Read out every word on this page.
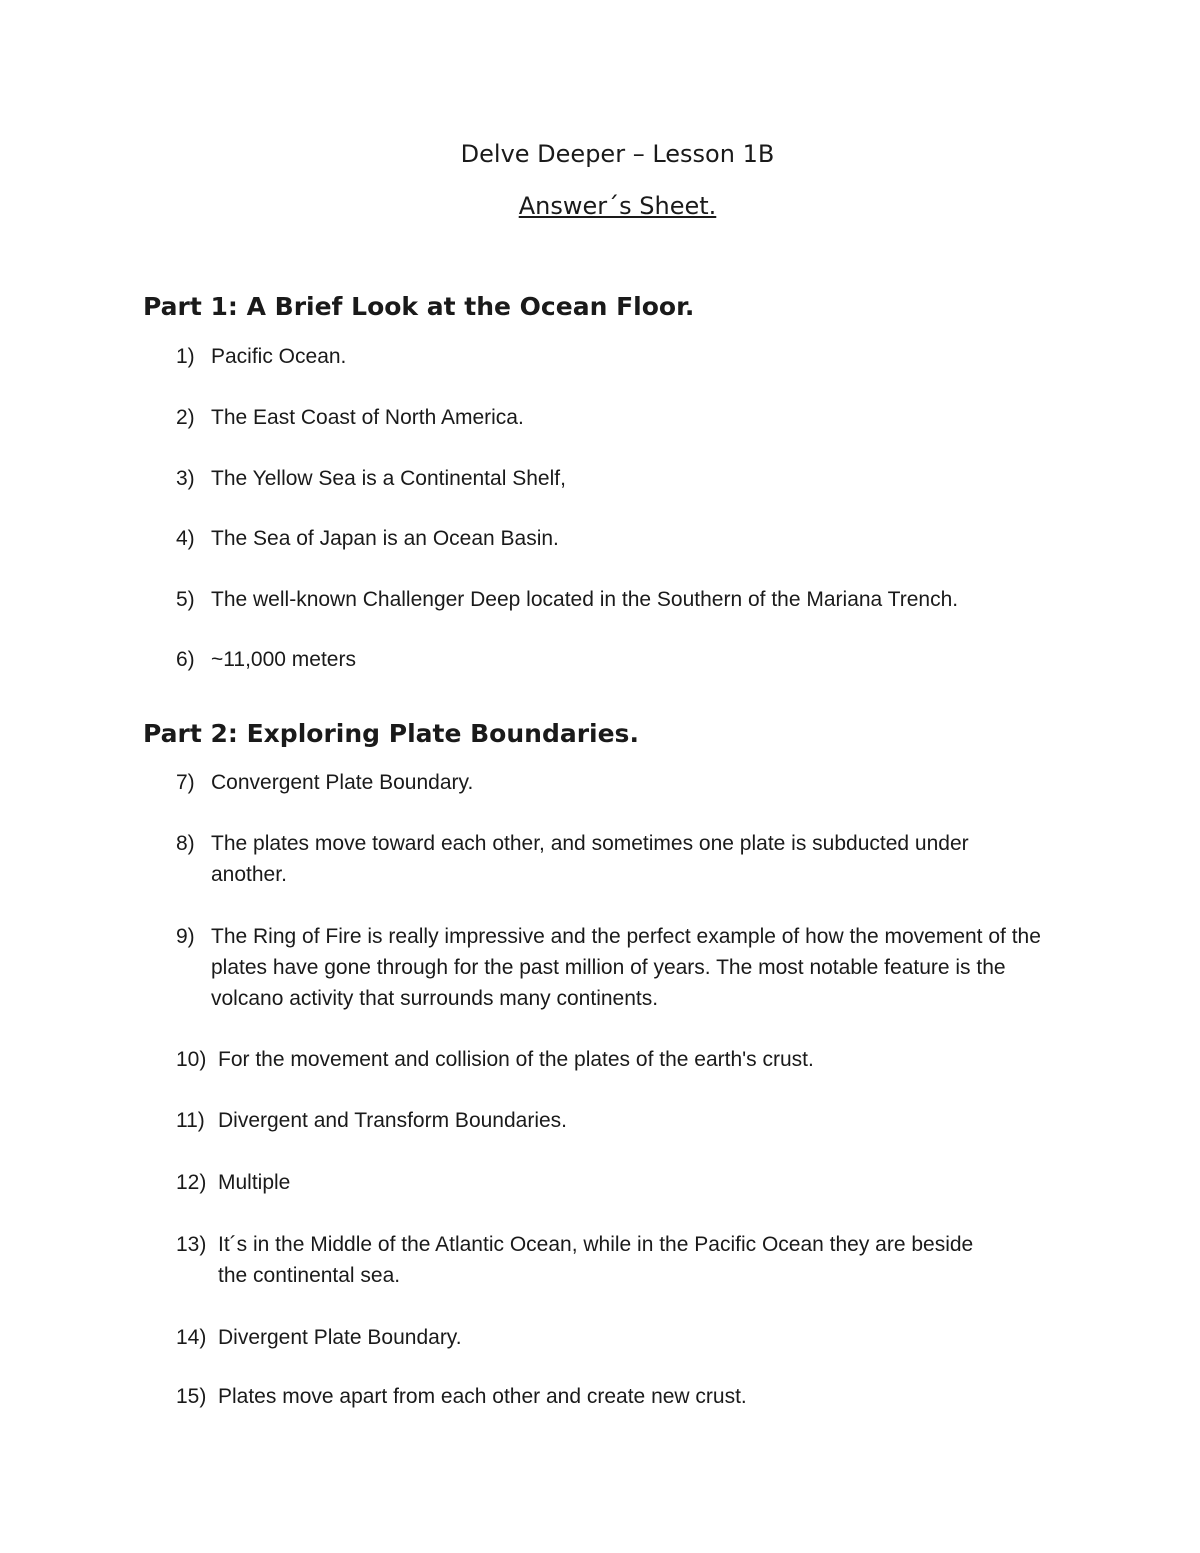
Delve Deeper – Lesson 1B
Answer´s Sheet.
Part 1: A Brief Look at the Ocean Floor.
1) Pacific Ocean.
2) The East Coast of North America.
3) The Yellow Sea is a Continental Shelf,
4) The Sea of Japan is an Ocean Basin.
5) The well-known Challenger Deep located in the Southern of the Mariana Trench.
6) ~11,000 meters
Part 2: Exploring Plate Boundaries.
7) Convergent Plate Boundary.
8) The plates move toward each other, and sometimes one plate is subducted under another.
9) The Ring of Fire is really impressive and the perfect example of how the movement of the plates have gone through for the past million of years. The most notable feature is the volcano activity that surrounds many continents.
10) For the movement and collision of the plates of the earth's crust.
11) Divergent and Transform Boundaries.
12) Multiple
13) It´s in the Middle of the Atlantic Ocean, while in the Pacific Ocean they are beside the continental sea.
14) Divergent Plate Boundary.
15) Plates move apart from each other and create new crust.
